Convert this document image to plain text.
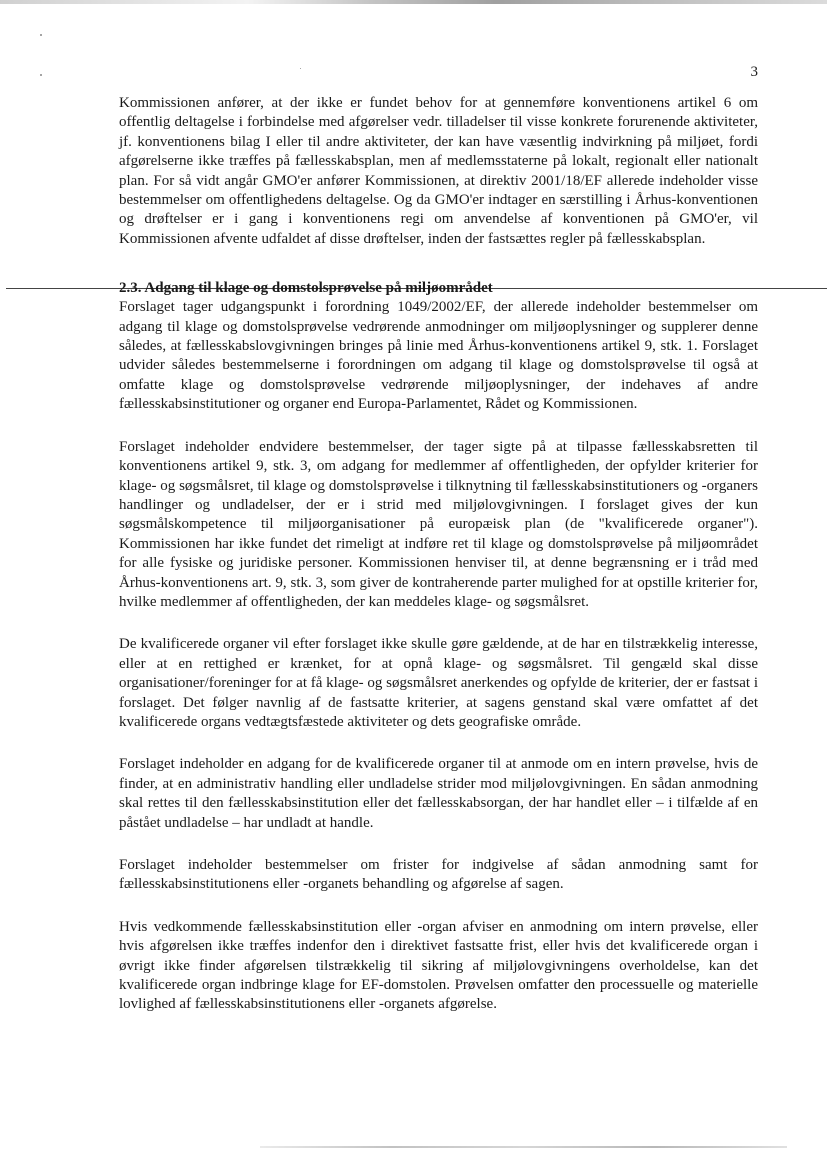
3

Kommissionen anfører, at der ikke er fundet behov for at gennemføre konventionens artikel 6 om offentlig deltagelse i forbindelse med afgørelser vedr. tilladelser til visse konkrete forurenende aktiviteter, jf. konventionens bilag I eller til andre aktiviteter, der kan have væsentlig indvirkning på miljøet, fordi afgørelserne ikke træffes på fællesskabsplan, men af medlemsstaterne på lokalt, regionalt eller nationalt plan. For så vidt angår GMO'er anfører Kommissionen, at direktiv 2001/18/EF allerede indeholder visse bestemmelser om offentlighedens deltagelse. Og da GMO'er indtager en særstilling i Århus-konventionen og drøftelser er i gang i konventionens regi om anvendelse af konventionen på GMO'er, vil Kommissionen afvente udfaldet af disse drøftelser, inden der fastsættes regler på fællesskabsplan.

2.3. Adgang til klage og domstolsprøvelse på miljøområdet

Forslaget tager udgangspunkt i forordning 1049/2002/EF, der allerede indeholder bestemmelser om adgang til klage og domstolsprøvelse vedrørende anmodninger om miljøoplysninger og supplerer denne således, at fællesskabslovgivningen bringes på linie med Århus-konventionens artikel 9, stk. 1. Forslaget udvider således bestemmelserne i forordningen om adgang til klage og domstolsprøvelse til også at omfatte klage og domstolsprøvelse vedrørende miljøoplysninger, der indehaves af andre fællesskabsinstitutioner og organer end Europa-Parlamentet, Rådet og Kommissionen.

Forslaget indeholder endvidere bestemmelser, der tager sigte på at tilpasse fællesskabsretten til konventionens artikel 9, stk. 3, om adgang for medlemmer af offentligheden, der opfylder kriterier for klage- og søgsmålsret, til klage og domstolsprøvelse i tilknytning til fællesskabsinstitutioners og -organers handlinger og undladelser, der er i strid med miljølovgivningen. I forslaget gives der kun søgsmålskompetence til miljøorganisationer på europæisk plan (de "kvalificerede organer"). Kommissionen har ikke fundet det rimeligt at indføre ret til klage og domstolsprøvelse på miljøområdet for alle fysiske og juridiske personer. Kommissionen henviser til, at denne begrænsning er i tråd med Århus-konventionens art. 9, stk. 3, som giver de kontraherende parter mulighed for at opstille kriterier for, hvilke medlemmer af offentligheden, der kan meddeles klage- og søgsmålsret.

De kvalificerede organer vil efter forslaget ikke skulle gøre gældende, at de har en tilstrækkelig interesse, eller at en rettighed er krænket, for at opnå klage- og søgsmålsret. Til gengæld skal disse organisationer/foreninger for at få klage- og søgsmålsret anerkendes og opfylde de kriterier, der er fastsat i forslaget. Det følger navnlig af de fastsatte kriterier, at sagens genstand skal være omfattet af det kvalificerede organs vedtægtsfæstede aktiviteter og dets geografiske område.

Forslaget indeholder en adgang for de kvalificerede organer til at anmode om en intern prøvelse, hvis de finder, at en administrativ handling eller undladelse strider mod miljølovgivningen. En sådan anmodning skal rettes til den fællesskabsinstitution eller det fællesskabsorgan, der har handlet eller – i tilfælde af en påstået undladelse – har undladt at handle.

Forslaget indeholder bestemmelser om frister for indgivelse af sådan anmodning samt for fællesskabsinstitutionens eller -organets behandling og afgørelse af sagen.

Hvis vedkommende fællesskabsinstitution eller -organ afviser en anmodning om intern prøvelse, eller hvis afgørelsen ikke træffes indenfor den i direktivet fastsatte frist, eller hvis det kvalificerede organ i øvrigt ikke finder afgørelsen tilstrækkelig til sikring af miljølovgivningens overholdelse, kan det kvalificerede organ indbringe klage for EF-domstolen. Prøvelsen omfatter den processuelle og materielle lovlighed af fællesskabsinstitutionens eller -organets afgørelse.
